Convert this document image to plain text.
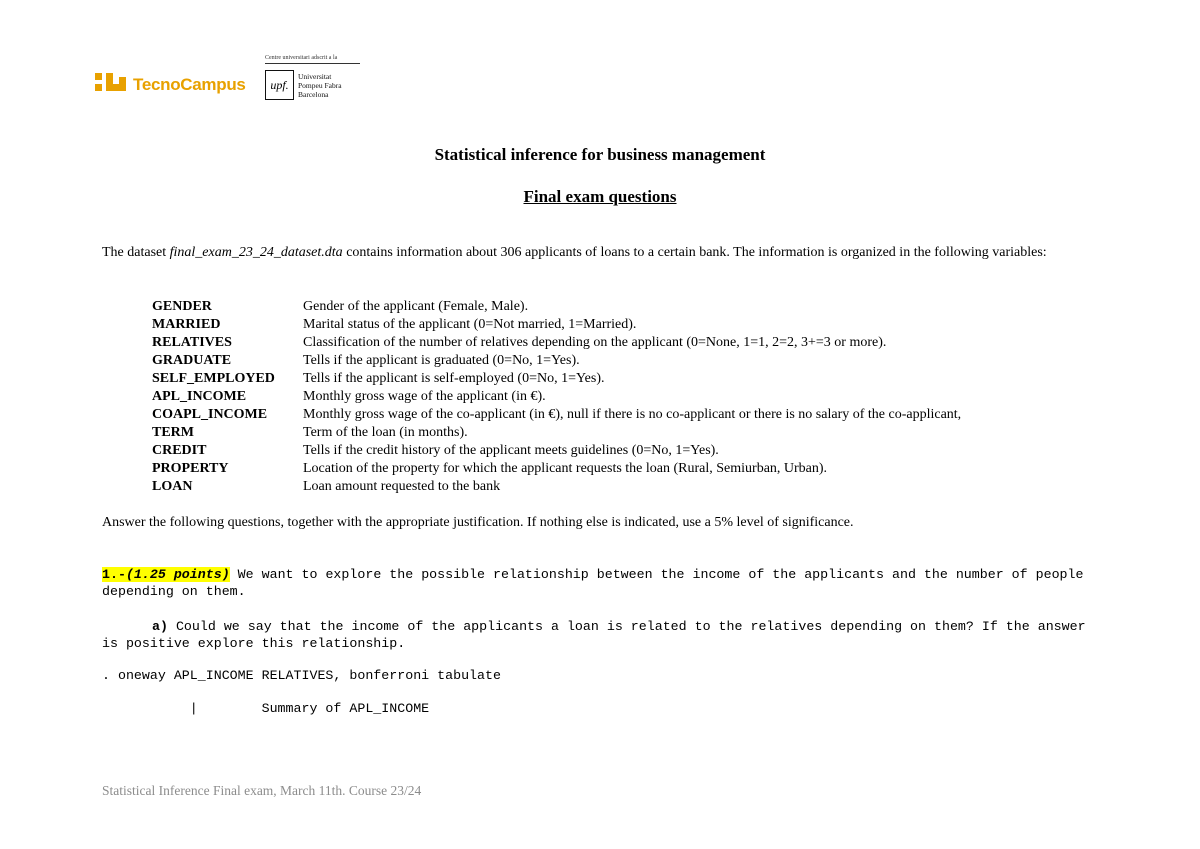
TecnoCampus
Centre universitari adscrit a la
upf.
Universitat
Pompeu Fabra
Barcelona
Statistical inference for business management
Final exam questions
The dataset final_exam_23_24_dataset.dta contains information about 306 applicants of loans to a certain bank. The information is organized in the following variables:
GENDER	Gender of the applicant (Female, Male).
MARRIED	Marital status of the applicant (0=Not married, 1=Married).
RELATIVES	Classification of the number of relatives depending on the applicant (0=None, 1=1, 2=2, 3+=3 or more).
GRADUATE	Tells if the applicant is graduated (0=No, 1=Yes).
SELF_EMPLOYED	Tells if the applicant is self-employed (0=No, 1=Yes).
APL_INCOME	Monthly gross wage of the applicant (in €).
COAPL_INCOME	Monthly gross wage of the co-applicant (in €), null if there is no co-applicant or there is no salary of the co-applicant,
TERM	Term of the loan (in months).
CREDIT	Tells if the credit history of the applicant meets guidelines (0=No, 1=Yes).
PROPERTY	Location of the property for which the applicant requests the loan (Rural, Semiurban, Urban).
LOAN	Loan amount requested to the bank
Answer the following questions, together with the appropriate justification. If nothing else is indicated, use a 5% level of significance.
1.-(1.25 points) We want to explore the possible relationship between the income of the applicants and the number of people depending on them.
a) Could we say that the income of the applicants a loan is related to the relatives depending on them? If the answer is positive explore this relationship.
. oneway APL_INCOME RELATIVES, bonferroni tabulate
|        Summary of APL_INCOME
Statistical Inference Final exam, March 11th. Course 23/24
